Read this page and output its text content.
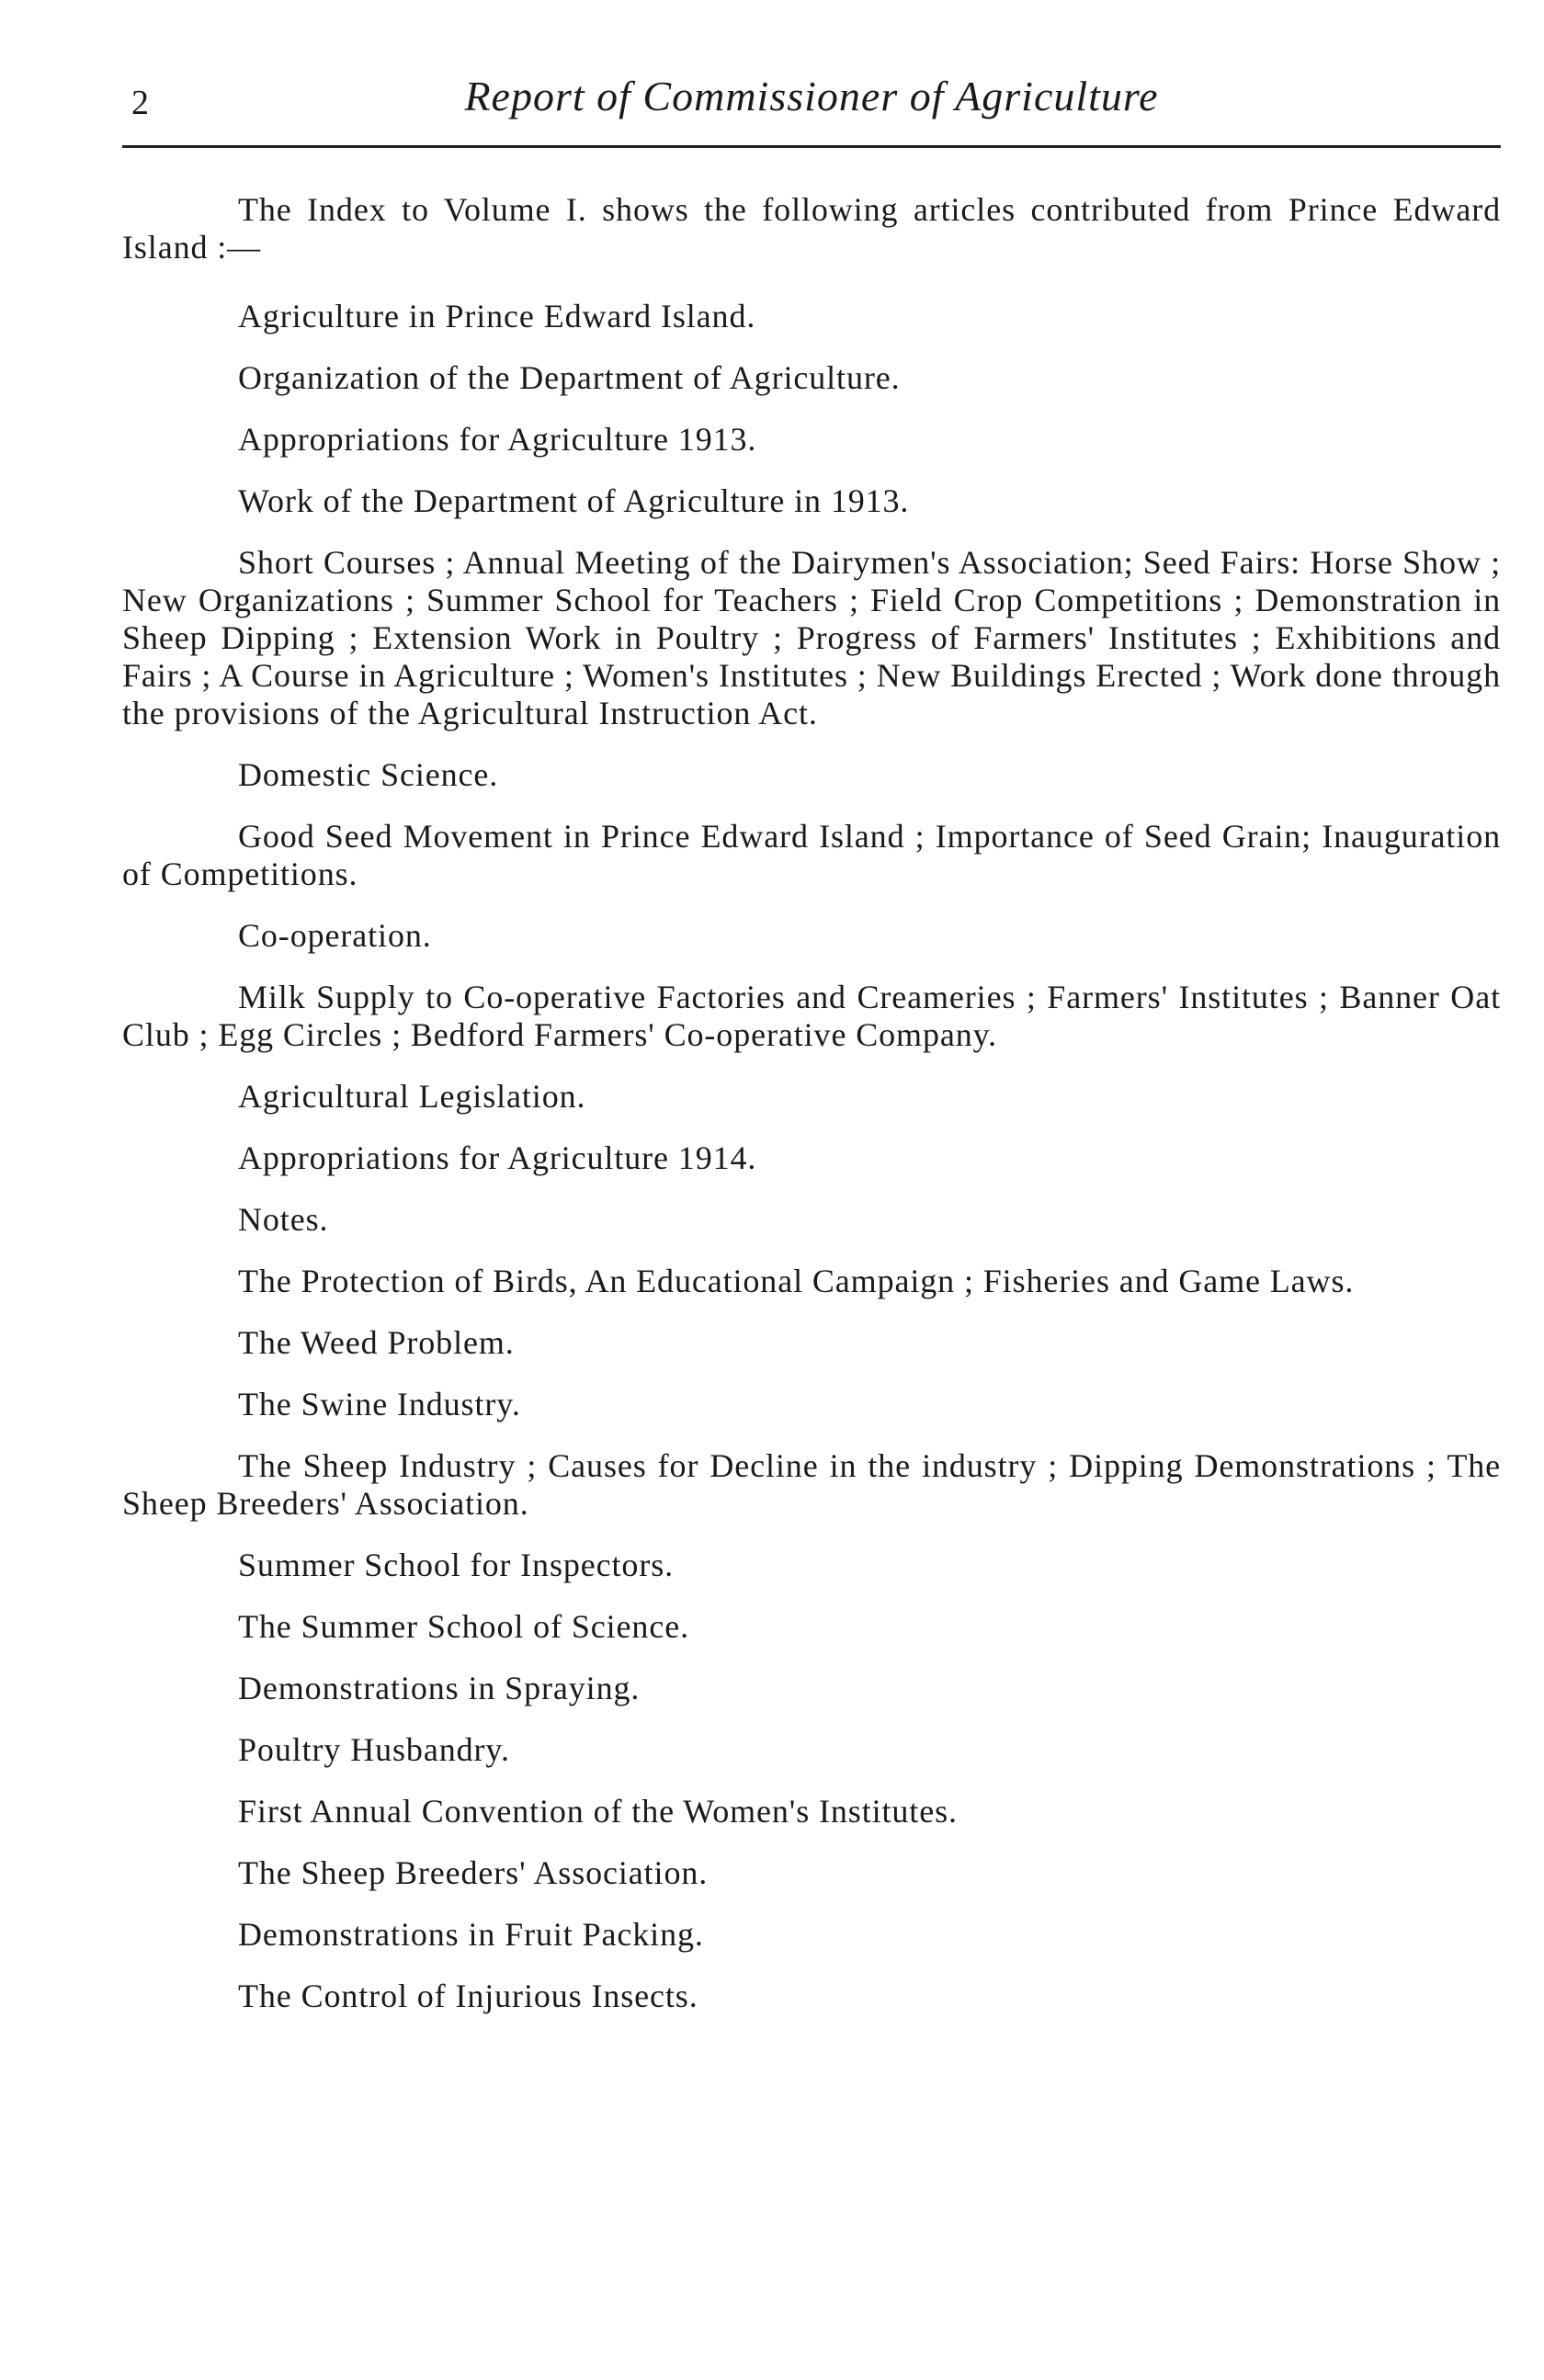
2	Report of Commissioner of Agriculture

The Index to Volume I. shows the following articles contributed from Prince Edward Island :—

Agriculture in Prince Edward Island.

Organization of the Department of Agriculture.

Appropriations for Agriculture 1913.

Work of the Department of Agriculture in 1913.

Short Courses ; Annual Meeting of the Dairymen's Association; Seed Fairs: Horse Show ; New Organizations ; Summer School for Teachers ; Field Crop Competitions ; Demonstration in Sheep Dipping ; Extension Work in Poultry ; Progress of Farmers' Institutes ; Exhibitions and Fairs ; A Course in Agriculture ; Women's Institutes ; New Buildings Erected ; Work done through the provisions of the Agricultural Instruction Act.

Domestic Science.

Good Seed Movement in Prince Edward Island ; Importance of Seed Grain; Inauguration of Competitions.

Co-operation.

Milk Supply to Co-operative Factories and Creameries ; Farmers' Institutes ; Banner Oat Club ; Egg Circles ; Bedford Farmers' Co-operative Company.

Agricultural Legislation.

Appropriations for Agriculture 1914.

Notes.

The Protection of Birds, An Educational Campaign ; Fisheries and Game Laws.

The Weed Problem.

The Swine Industry.

The Sheep Industry ; Causes for Decline in the industry ; Dipping Demonstrations ; The Sheep Breeders' Association.

Summer School for Inspectors.

The Summer School of Science.

Demonstrations in Spraying.

Poultry Husbandry.

First Annual Convention of the Women's Institutes.

The Sheep Breeders' Association.

Demonstrations in Fruit Packing.

The Control of Injurious Insects.
